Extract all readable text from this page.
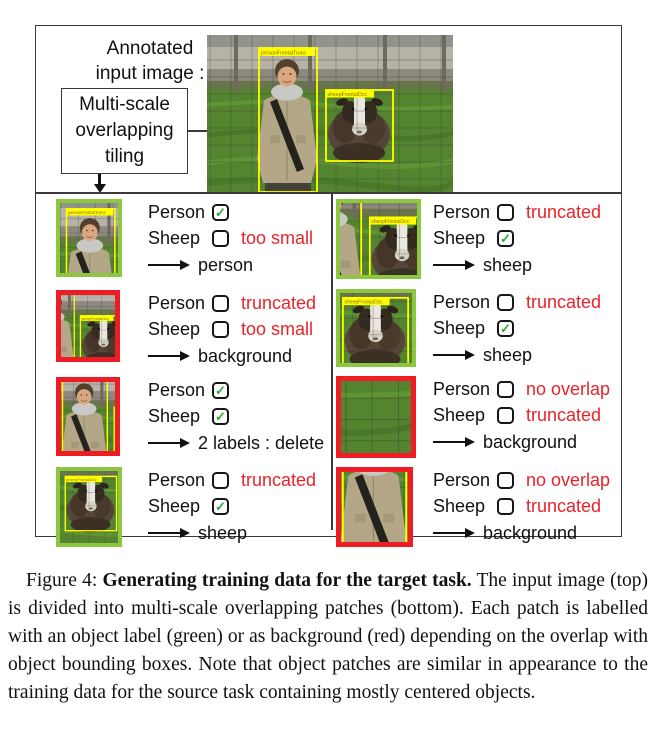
Annotated
input image :
Multi-scale
overlapping
tiling
Person ✓
Sheep	too small
person
Person	truncated
Sheep	too small
background
Person ✓
Sheep	✓
2 labels : delete
Person	truncated
Sheep	✓
sheep
Person	truncated
Sheep	✓
sheep
Person	truncated
Sheep	✓
sheep
Person	no overlap
Sheep	truncated
background
Person	no overlap
Sheep	truncated
background

Figure 4: Generating training data for the target task. The input image (top) is divided into multi-scale overlapping patches (bottom). Each patch is labelled with an object label (green) or as background (red) depending on the overlap with object bounding boxes. Note that object patches are similar in appearance to the training data for the source task containing mostly centered objects.
